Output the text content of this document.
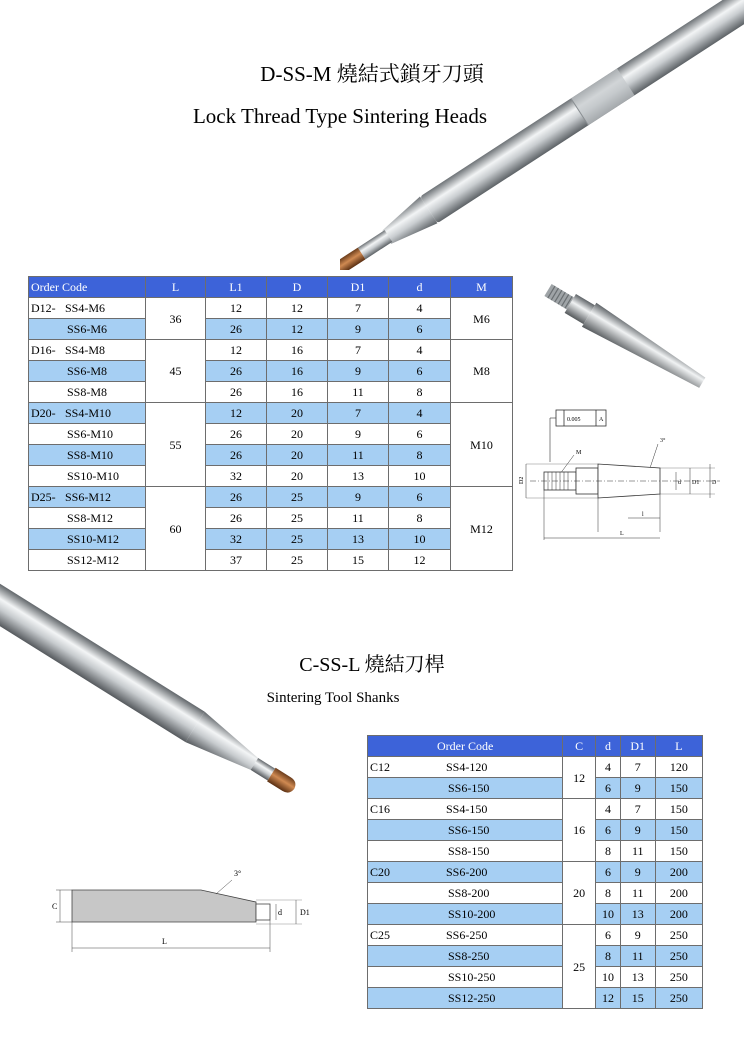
D-SS-M 燒結式鎖牙刀頭
Lock Thread Type Sintering Heads
Order Code	L	L1	D	D1	d	M
D12- SS4-M6	36	12	12	7	4	M6
SS6-M6		26	12	9	6	
D16- SS4-M8	45	12	16	7	4	M8
SS6-M8		26	16	9	6	
SS8-M8		26	16	11	8	
D20- SS4-M10	55	12	20	7	4	M10
SS6-M10		26	20	9	6	
SS8-M10		26	20	11	8	
SS10-M10		32	20	13	10	
D25- SS6-M12	60	26	25	9	6	M12
SS8-M12		26	25	11	8	
SS10-M12		32	25	13	10	
SS12-M12		37	25	15	12	
0.005	A
3°
M
D2	d D1 D
l
L
C-SS-L 燒結刀桿
Sintering Tool Shanks
Order Code	C	d	D1	L
C12 SS4-120	12	4	7	120
SS6-150		6	9	150
C16 SS4-150	16	4	7	150
SS6-150		6	9	150
SS8-150		8	11	150
C20 SS6-200	20	6	9	200
SS8-200		8	11	200
SS10-200		10	13	200
C25 SS6-250	25	6	9	250
SS8-250		8	11	250
SS10-250		10	13	250
SS12-250		12	15	250
3°
C
d D1
L
